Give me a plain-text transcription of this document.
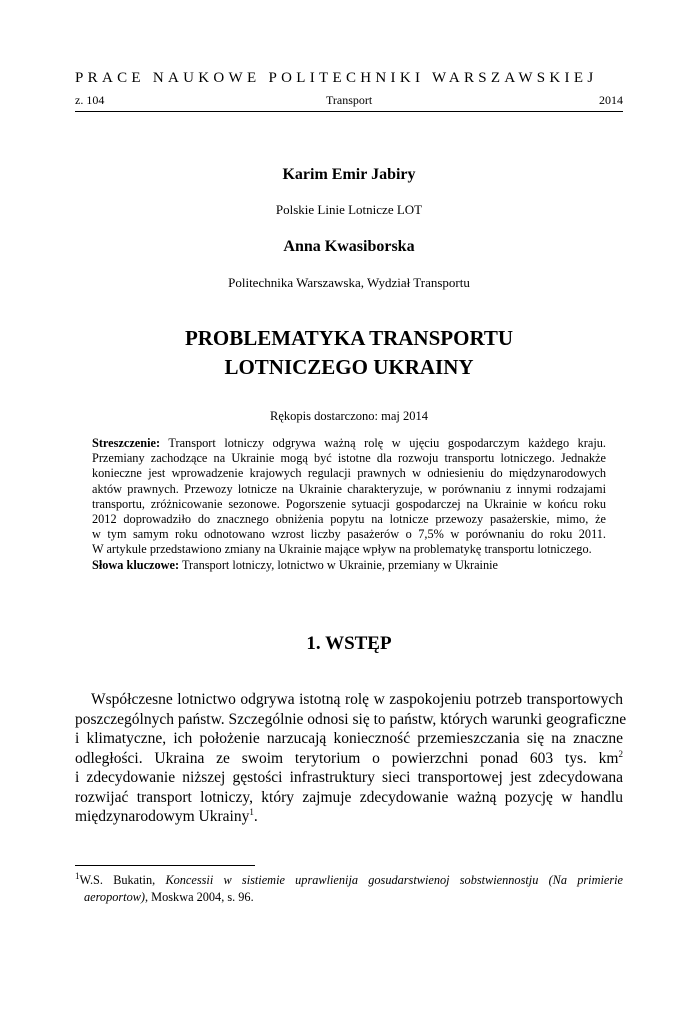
PRACE NAUKOWE POLITECHNIKI WARSZAWSKIEJ
z. 104	Transport	2014
Karim Emir Jabiry
Polskie Linie Lotnicze LOT
Anna Kwasiborska
Politechnika Warszawska, Wydział Transportu
PROBLEMATYKA TRANSPORTU
LOTNICZEGO UKRAINY
Rękopis dostarczono: maj 2014
Streszczenie: Transport lotniczy odgrywa ważną rolę w ujęciu gospodarczym każdego kraju.
Przemiany zachodzące na Ukrainie mogą być istotne dla rozwoju transportu lotniczego. Jednakże
konieczne jest wprowadzenie krajowych regulacji prawnych w odniesieniu do międzynarodowych
aktów prawnych. Przewozy lotnicze na Ukrainie charakteryzuje, w porównaniu z innymi rodzajami
transportu, zróżnicowanie sezonowe. Pogorszenie sytuacji gospodarczej na Ukrainie w końcu roku
2012 doprowadziło do znacznego obniżenia popytu na lotnicze przewozy pasażerskie, mimo, że
w tym samym roku odnotowano wzrost liczby pasażerów o 7,5% w porównaniu do roku 2011.
W artykule przedstawiono zmiany na Ukrainie mające wpływ na problematykę transportu lotniczego.
Słowa kluczowe: Transport lotniczy, lotnictwo w Ukrainie, przemiany w Ukrainie
1. WSTĘP
Współczesne lotnictwo odgrywa istotną rolę w zaspokojeniu potrzeb transportowych
poszczególnych państw. Szczególnie odnosi się to państw, których warunki geograficzne
i klimatyczne, ich położenie narzucają konieczność przemieszczania się na znaczne
odległości. Ukraina ze swoim terytorium o powierzchni ponad 603 tys. $km^2$
i zdecydowanie niższej gęstości infrastruktury sieci transportowej jest zdecydowana
rozwijać transport lotniczy, który zajmuje zdecydowanie ważną pozycję w handlu
międzynarodowym Ukrainy$^1$.
$^1$W.S. Bukatin, Koncessii w sistiemie uprawlienija gosudarstwienoj sobstwiennostju (Na primierie
aeroportow), Moskwa 2004, s. 96.
